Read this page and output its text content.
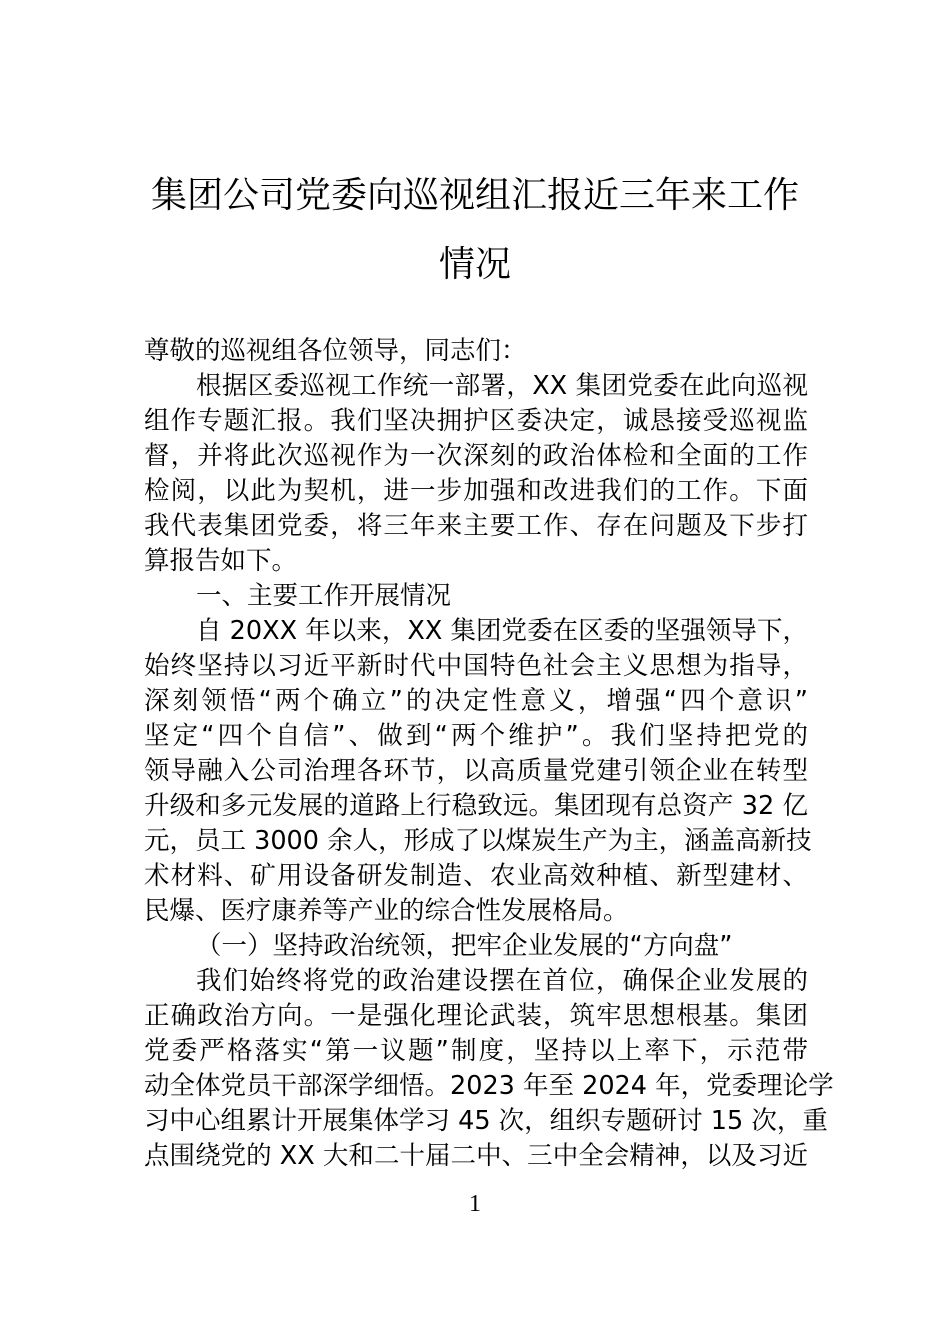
集团公司党委向巡视组汇报近三年来工作
情况
尊敬的巡视组各位领导，同志们：
根据区委巡视工作统一部署，XX 集团党委在此向巡视
组作专题汇报。我们坚决拥护区委决定，诚恳接受巡视监
督，并将此次巡视作为一次深刻的政治体检和全面的工作
检阅，以此为契机，进一步加强和改进我们的工作。下面
我代表集团党委，将三年来主要工作、存在问题及下步打
算报告如下。
一、主要工作开展情况
自 20XX 年以来，XX 集团党委在区委的坚强领导下，
始终坚持以习近平新时代中国特色社会主义思想为指导，
深刻领悟“两个确立”的决定性意义，增强“四个意识”
坚定“四个自信”、做到“两个维护”。我们坚持把党的
领导融入公司治理各环节，以高质量党建引领企业在转型
升级和多元发展的道路上行稳致远。集团现有总资产 32 亿
元，员工 3000 余人，形成了以煤炭生产为主，涵盖高新技
术材料、矿用设备研发制造、农业高效种植、新型建材、
民爆、医疗康养等产业的综合性发展格局。
（一）坚持政治统领，把牢企业发展的“方向盘”
我们始终将党的政治建设摆在首位，确保企业发展的
正确政治方向。一是强化理论武装，筑牢思想根基。集团
党委严格落实“第一议题”制度，坚持以上率下，示范带
动全体党员干部深学细悟。2023 年至 2024 年，党委理论学
习中心组累计开展集体学习 45 次，组织专题研讨 15 次，重
点围绕党的 XX 大和二十届二中、三中全会精神，以及习近
1
